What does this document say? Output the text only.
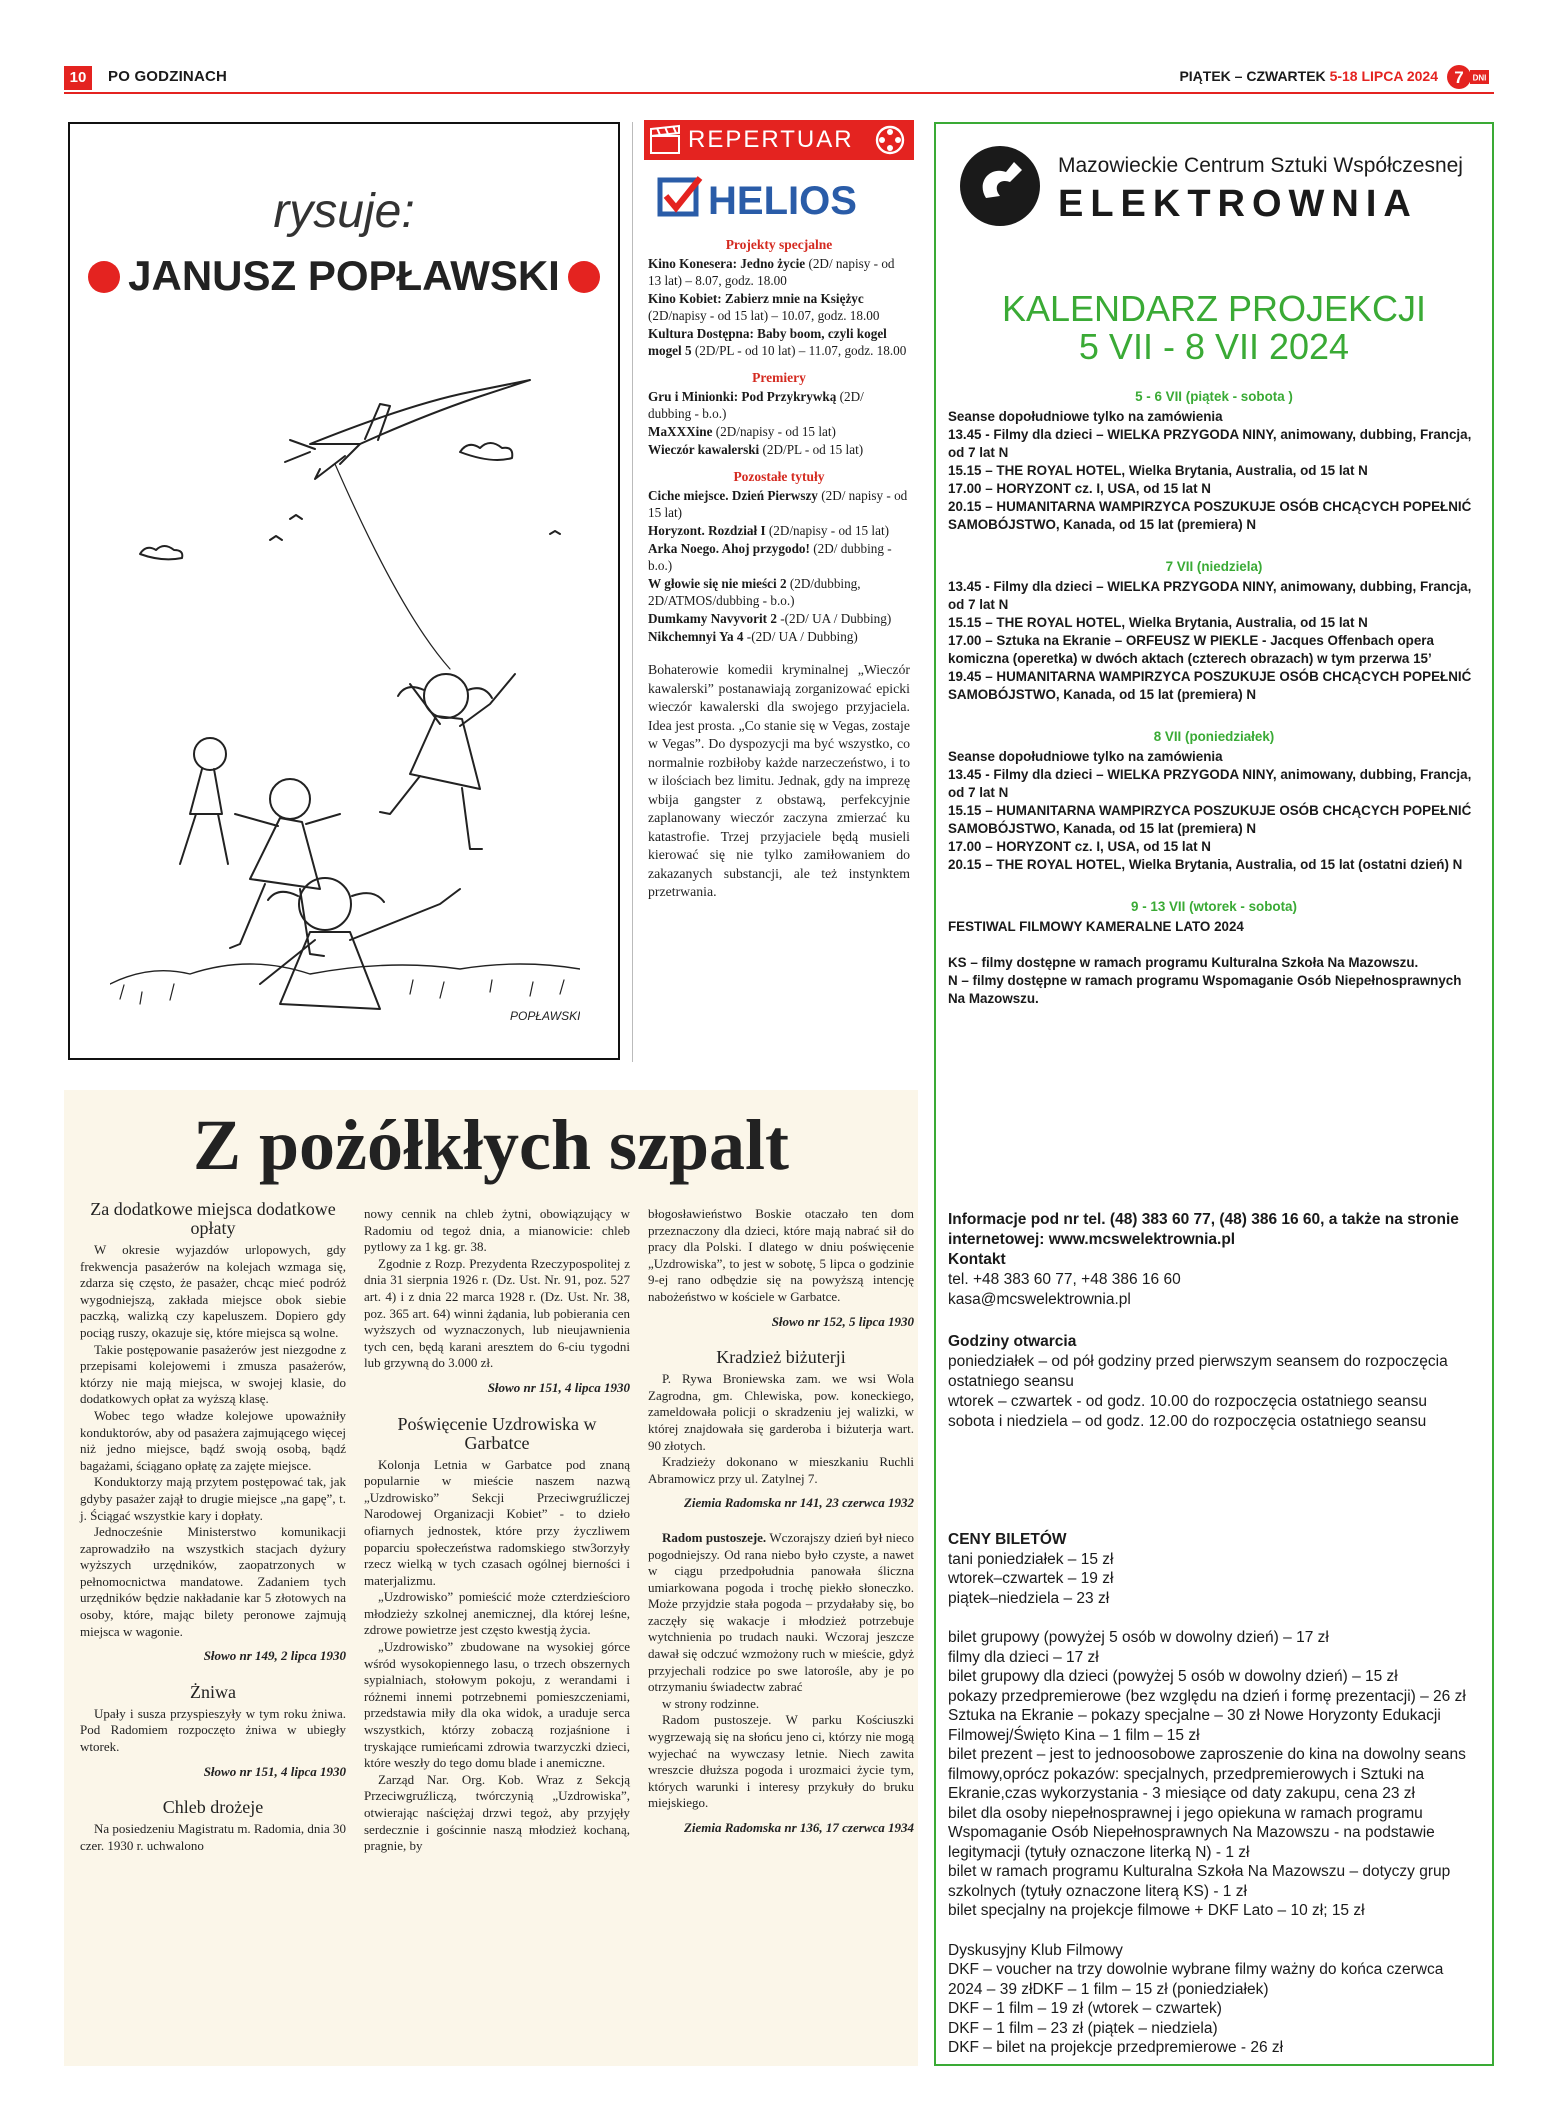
10	PO GODZINACH	PIĄTEK – CZWARTEK 5-18 LIPCA 2024 7 DNI
rysuje:
JANUSZ POPŁAWSKI
POPŁAWSKI
REPERTUAR
HELIOS
Projekty specjalne
Kino Konesera: Jedno życie (2D/ napisy - od 13 lat) – 8.07, godz. 18.00
Kino Kobiet: Zabierz mnie na Księżyc (2D/napisy - od 15 lat) – 10.07, godz. 18.00
Kultura Dostępna: Baby boom, czyli kogel mogel 5 (2D/PL - od 10 lat) – 11.07, godz. 18.00
Premiery
Gru i Minionki: Pod Przykrywką (2D/ dubbing - b.o.)
MaXXXine (2D/napisy - od 15 lat)
Wieczór kawalerski (2D/PL - od 15 lat)
Pozostałe tytuły
Ciche miejsce. Dzień Pierwszy (2D/ napisy - od 15 lat)
Horyzont. Rozdział I (2D/napisy - od 15 lat)
Arka Noego. Ahoj przygodo! (2D/ dubbing - b.o.)
W głowie się nie mieści 2 (2D/dubbing, 2D/ATMOS/dubbing - b.o.)
Dumkamy Navyvorit 2 -(2D/ UA / Dubbing)
Nikchemnyi Ya 4 -(2D/ UA / Dubbing)
Bohaterowie komedii kryminalnej „Wieczór kawalerski” postanawiają zorganizować epicki wieczór kawalerski dla swojego przyjaciela. Idea jest prosta. „Co stanie się w Vegas, zostaje w Vegas”. Do dyspozycji ma być wszystko, co normalnie rozbiłoby każde narzeczeństwo, i to w ilościach bez limitu. Jednak, gdy na imprezę wbija gangster z obstawą, perfekcyjnie zaplanowany wieczór zaczyna zmierzać ku katastrofie. Trzej przyjaciele będą musieli kierować się nie tylko zamiłowaniem do zakazanych substancji, ale też instynktem przetrwania.
Mazowieckie Centrum Sztuki Współczesnej
ELEKTROWNIA
KALENDARZ PROJEKCJI
5 VII - 8 VII 2024
5 - 6 VII (piątek - sobota )

Seanse dopołudniowe tylko na zamówienia

13.45 - Filmy dla dzieci – WIELKA PRZYGODA NINY, animowany, dubbing, Francja, od 7 lat N

15.15 – THE ROYAL HOTEL, Wielka Brytania, Australia, od 15 lat N

17.00 – HORYZONT cz. I, USA, od 15 lat N

20.15 – HUMANITARNA WAMPIRZYCA POSZUKUJE OSÓB CHCĄCYCH POPEŁNIĆ SAMOBÓJSTWO, Kanada, od 15 lat (premiera) N

7 VII (niedziela)

13.45 - Filmy dla dzieci – WIELKA PRZYGODA NINY, animowany, dubbing, Francja, od 7 lat N

15.15 – THE ROYAL HOTEL, Wielka Brytania, Australia, od 15 lat N

17.00 – Sztuka na Ekranie – ORFEUSZ W PIEKLE - Jacques Offenbach opera komiczna (operetka) w dwóch aktach (czterech obrazach) w tym przerwa 15’

19.45 – HUMANITARNA WAMPIRZYCA POSZUKUJE OSÓB CHCĄCYCH POPEŁNIĆ SAMOBÓJSTWO, Kanada, od 15 lat (premiera) N

8 VII (poniedziałek)

Seanse dopołudniowe tylko na zamówienia

13.45 - Filmy dla dzieci – WIELKA PRZYGODA NINY, animowany, dubbing, Francja, od 7 lat N

15.15 – HUMANITARNA WAMPIRZYCA POSZUKUJE OSÓB CHCĄCYCH POPEŁNIĆ SAMOBÓJSTWO, Kanada, od 15 lat (premiera) N

17.00 – HORYZONT cz. I, USA, od 15 lat N

20.15 – THE ROYAL HOTEL, Wielka Brytania, Australia, od 15 lat (ostatni dzień) N

9 - 13 VII (wtorek - sobota)

FESTIWAL FILMOWY KAMERALNE LATO 2024

KS – filmy dostępne w ramach programu Kulturalna Szkoła Na Mazowszu.

N – filmy dostępne w ramach programu Wspomaganie Osób Niepełnosprawnych Na Mazowszu.

Informacje pod nr tel. (48) 383 60 77, (48) 386 16 60, a także na stronie internetowej: www.mcswelektrownia.pl

Kontakt

tel. +48 383 60 77, +48 386 16 60

kasa@mcswelektrownia.pl

Godziny otwarcia

poniedziałek – od pół godziny przed pierwszym seansem do rozpoczęcia ostatniego seansu

wtorek – czwartek - od godz. 10.00 do rozpoczęcia ostatniego seansu

sobota i niedziela – od godz. 12.00 do rozpoczęcia ostatniego seansu

CENY BILETÓW

tani poniedziałek – 15 zł

wtorek–czwartek – 19 zł

piątek–niedziela – 23 zł

bilet grupowy (powyżej 5 osób w dowolny dzień) – 17 zł

filmy dla dzieci – 17 zł

bilet grupowy dla dzieci (powyżej 5 osób w dowolny dzień) – 15 zł

pokazy przedpremierowe (bez względu na dzień i formę prezentacji) – 26 zł

Sztuka na Ekranie – pokazy specjalne – 30 zł Nowe Horyzonty Edukacji Filmowej/Święto Kina – 1 film – 15 zł

bilet prezent – jest to jednoosobowe zaproszenie do kina na dowolny seans filmowy,oprócz pokazów: specjalnych, przedpremierowych i Sztuki na Ekranie,czas wykorzystania - 3 miesiące od daty zakupu, cena 23 zł

bilet dla osoby niepełnosprawnej i jego opiekuna w ramach programu Wspomaganie Osób Niepełnosprawnych Na Mazowszu - na podstawie legitymacji (tytuły oznaczone literką N) - 1 zł

bilet w ramach programu Kulturalna Szkoła Na Mazowszu – dotyczy grup szkolnych (tytuły oznaczone literą KS) - 1 zł

bilet specjalny na projekcje filmowe + DKF Lato – 10 zł; 15 zł

Dyskusyjny Klub Filmowy

DKF – voucher na trzy dowolnie wybrane filmy ważny do końca czerwca 2024 – 39 złDKF – 1 film – 15 zł (poniedziałek)

DKF – 1 film – 19 zł (wtorek – czwartek)

DKF – 1 film – 23 zł (piątek – niedziela)

DKF – bilet na projekcje przedpremierowe - 26 zł

Z pożółkłych szpalt
Za dodatkowe miejsca dodatkowe opłaty

W okresie wyjazdów urlopowych, gdy frekwencja pasażerów na kolejach wzmaga się, zdarza się często, że pasażer, chcąc mieć podróż wygodniejszą, zakłada miejsce obok siebie paczką, walizką czy kapeluszem. Dopiero gdy pociąg ruszy, okazuje się, które miejsca są wolne.

Takie postępowanie pasażerów jest niezgodne z przepisami kolejowemi i zmusza pasażerów, którzy nie mają miejsca, w swojej klasie, do dodatkowych opłat za wyższą klasę.

Wobec tego władze kolejowe upoważniły konduktorów, aby od pasażera zajmującego więcej niż jedno miejsce, bądź swoją osobą, bądź bagażami, ściągano opłatę za zajęte miejsce.

Konduktorzy mają przytem postępować tak, jak gdyby pasażer zajął to drugie miejsce „na gapę”, t. j. Ściągać wszystkie kary i dopłaty.

Jednocześnie Ministerstwo komunikacji zaprowadziło na wszystkich stacjach dyżury wyższych urzędników, zaopatrzonych w pełnomocnictwa mandatowe. Zadaniem tych urzędników będzie nakładanie kar 5 złotowych na osoby, które, mając bilety peronowe zajmują miejsca w wagonie.

Słowo nr 149, 2 lipca 1930

Żniwa

Upały i susza przyspieszyły w tym roku żniwa. Pod Radomiem rozpoczęto żniwa w ubiegły wtorek.

Słowo nr 151, 4 lipca 1930

Chleb drożeje

Na posiedzeniu Magistratu m. Radomia, dnia 30 czer. 1930 r. uchwalono

nowy cennik na chleb żytni, obowiązujący w Radomiu od tegoż dnia, a mianowicie: chleb pytlowy za 1 kg. gr. 38.

Zgodnie z Rozp. Prezydenta Rzeczypospolitej z dnia 31 sierpnia 1926 r. (Dz. Ust. Nr. 91, poz. 527 art. 4) i z dnia 22 marca 1928 r. (Dz. Ust. Nr. 38, poz. 365 art. 64) winni żądania, lub pobierania cen wyższych od wyznaczonych, lub nieujawnienia tych cen, będą karani aresztem do 6-ciu tygodni lub grzywną do 3.000 zł.

Słowo nr 151, 4 lipca 1930

Poświęcenie Uzdrowiska w Garbatce

Kolonja Letnia w Garbatce pod znaną popularnie w mieście naszem nazwą „Uzdrowisko” Sekcji Przeciwgruźliczej Narodowej Organizacji Kobiet” - to dzieło ofiarnych jednostek, które przy życzliwem poparciu społeczeństwa radomskiego stw3orzyły rzecz wielką w tych czasach ogólnej bierności i materjalizmu.

„Uzdrowisko” pomieścić może czterdzieścioro młodzieży szkolnej anemicznej, dla której leśne, zdrowe powietrze jest często kwestją życia.

„Uzdrowisko” zbudowane na wysokiej górce wśród wysokopiennego lasu, o trzech obszernych sypialniach, stołowym pokoju, z werandami i różnemi innemi potrzebnemi pomieszczeniami, przedstawia miły dla oka widok, a uraduje serca wszystkich, którzy zobaczą rozjaśnione i tryskające rumieńcami zdrowia twarzyczki dzieci, które weszły do tego domu blade i anemiczne.

Zarząd Nar. Org. Kob. Wraz z Sekcją Przeciwgruźliczą, twórczynią „Uzdrowiska”, otwierając naściężaj drzwi tegoż, aby przyjęły serdecznie i gościnnie naszą młodzież kochaną, pragnie, by

błogosławieństwo Boskie otaczało ten dom przeznaczony dla dzieci, które mają nabrać sił do pracy dla Polski. I dlatego w dniu poświęcenie „Uzdrowiska”, to jest w sobotę, 5 lipca o godzinie 9-ej rano odbędzie się na powyższą intencję nabożeństwo w kościele w Garbatce.

Słowo nr 152, 5 lipca 1930

Kradzież biżuterji

P. Rywa Broniewska zam. we wsi Wola Zagrodna, gm. Chlewiska, pow. koneckiego, zameldowała policji o skradzeniu jej walizki, w której znajdowała się garderoba i biżuterja wart. 90 złotych.

Kradzieży dokonano w mieszkaniu Ruchli Abramowicz przy ul. Zatylnej 7.

Ziemia Radomska nr 141, 23 czerwca 1932

Radom pustoszeje. Wczorajszy dzień był nieco pogodniejszy. Od rana niebo było czyste, a nawet w ciągu przedpołudnia panowała śliczna umiarkowana pogoda i trochę piekło słoneczko. Może przyjdzie stała pogoda – przydałaby się, bo zaczęły się wakacje i młodzież potrzebuje wytchnienia po trudach nauki. Wczoraj jeszcze dawał się odczuć wzmożony ruch w mieście, gdyż przyjechali rodzice po swe latorośle, aby je po otrzymaniu świadectw zabrać

w strony rodzinne.

Radom pustoszeje. W parku Kościuszki wygrzewają się na słońcu jeno ci, którzy nie mogą wyjechać na wywczasy letnie. Niech zawita wreszcie dłuższa pogoda i urozmaici życie tym, których warunki i interesy przykuły do bruku miejskiego.

Ziemia Radomska nr 136, 17 czerwca 1934
